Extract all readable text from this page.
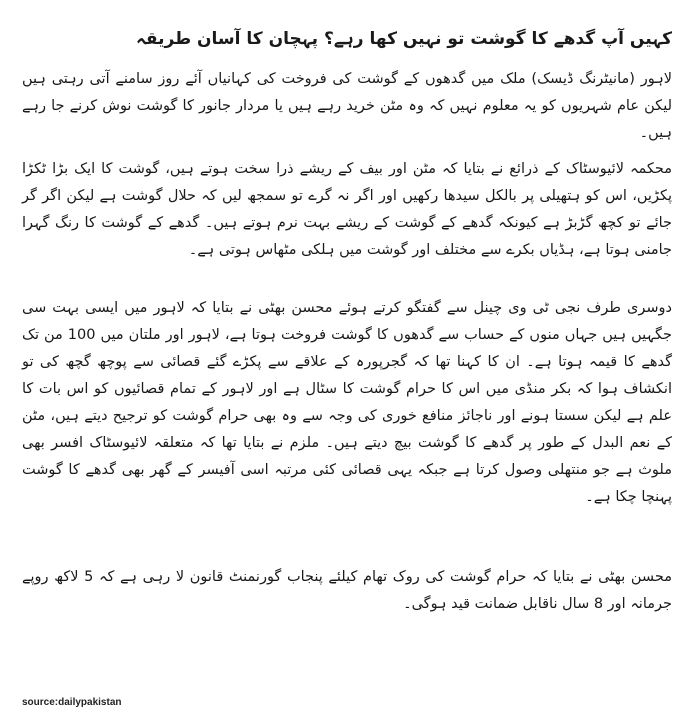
کہیں آپ گدھے کا گوشت تو نہیں کھا رہے؟ پہچان کا آسان طریقہ

لاہور (مانیٹرنگ ڈیسک) ملک میں گدھوں کے گوشت کی فروخت کی کہانیاں آئے روز سامنے آتی رہتی ہیں لیکن عام شہریوں کو یہ معلوم نہیں کہ وہ مٹن خرید رہے ہیں یا مردار جانور کا گوشت نوش کرنے جا رہے ہیں۔

محکمہ لائیوسٹاک کے ذرائع نے بتایا کہ مٹن اور بیف کے ریشے ذرا سخت ہوتے ہیں، گوشت کا ایک بڑا ٹکڑا پکڑیں، اس کو ہتھیلی پر بالکل سیدھا رکھیں اور اگر نہ گرے تو سمجھ لیں کہ حلال گوشت ہے لیکن اگر گر جائے تو کچھ گڑبڑ ہے کیونکہ گدھے کے گوشت کے ریشے بہت نرم ہوتے ہیں۔ گدھے کے گوشت کا رنگ گہرا جامنی ہوتا ہے، ہڈیاں بکرے سے مختلف اور گوشت میں ہلکی مٹھاس ہوتی ہے۔

دوسری طرف نجی ٹی وی چینل سے گفتگو کرتے ہوئے محسن بھٹی نے بتایا کہ لاہور میں ایسی بہت سی جگہیں ہیں جہاں منوں کے حساب سے گدھوں کا گوشت فروخت ہوتا ہے، لاہور اور ملتان میں 100 من تک گدھے کا قیمہ ہوتا ہے۔ ان کا کہنا تھا کہ گجرپورہ کے علاقے سے پکڑے گئے قصائی سے پوچھ گچھ کی تو انکشاف ہوا کہ بکر منڈی میں اس کا حرام گوشت کا سٹال ہے اور لاہور کے تمام قصائیوں کو اس بات کا علم ہے لیکن سستا ہونے اور ناجائز منافع خوری کی وجہ سے وہ بھی حرام گوشت کو ترجیح دیتے ہیں، مٹن کے نعم البدل کے طور پر گدھے کا گوشت بیچ دیتے ہیں۔ ملزم نے بتایا تھا کہ متعلقہ لائیوسٹاک افسر بھی ملوث ہے جو منتھلی وصول کرتا ہے جبکہ یہی قصائی کئی مرتبہ اسی آفیسر کے گھر بھی گدھے کا گوشت پہنچا چکا ہے۔

محسن بھٹی نے بتایا کہ حرام گوشت کی روک تھام کیلئے پنجاب گورنمنٹ قانون لا رہی ہے کہ 5 لاکھ روپے جرمانہ اور 8 سال ناقابل ضمانت قید ہوگی۔

source:dailypakistan
